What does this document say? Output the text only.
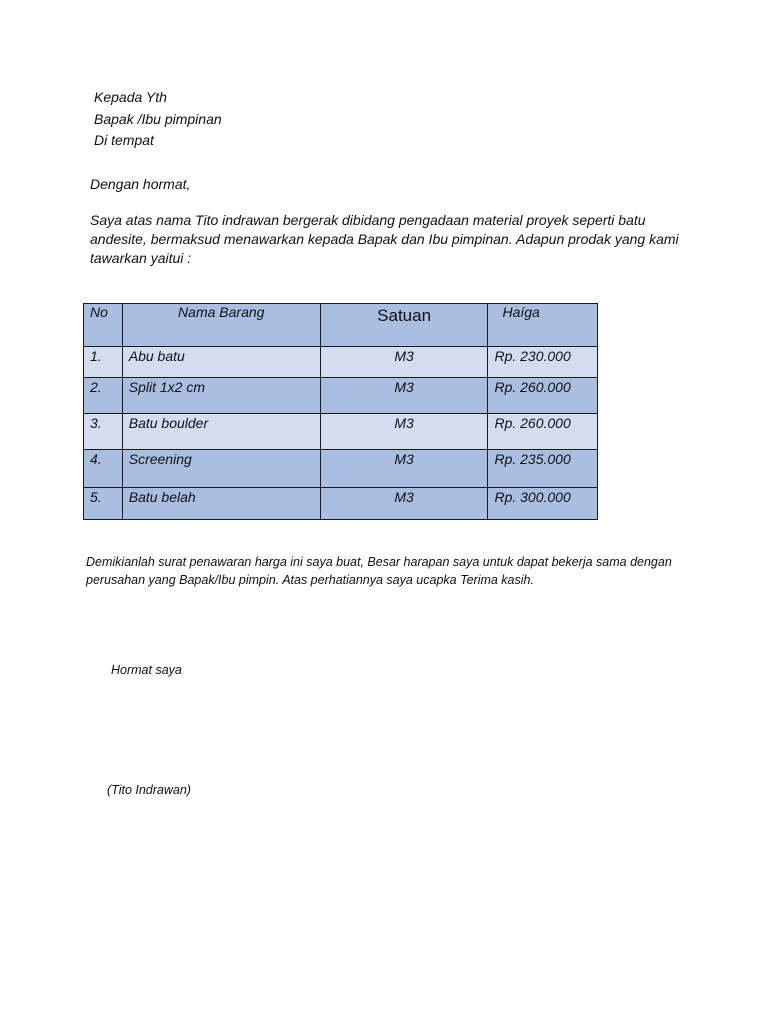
Kepada Yth
Bapak /Ibu pimpinan
Di tempat
Dengan hormat,
Saya atas nama Tito indrawan bergerak dibidang pengadaan material proyek seperti batu andesite, bermaksud menawarkan kepada Bapak dan Ibu pimpinan. Adapun prodak yang kami tawarkan yaitui :
No	Nama Barang	Satuan	Haíga

1.	Abu batu	M3	Rp. 230.000

2.	Split 1x2 cm	M3	Rp. 260.000

3.	Batu boulder	M3	Rp. 260.000

4.	Screening	M3	Rp. 235.000

5.	Batu belah	M3	Rp. 300.000
Demikianlah surat penawaran harga ini saya buat, Besar harapan saya untuk dapat bekerja sama dengan perusahan yang Bapak/Ibu pimpin. Atas perhatiannya saya ucapka Terima kasih.
Hormat saya
(Tito Indrawan)
